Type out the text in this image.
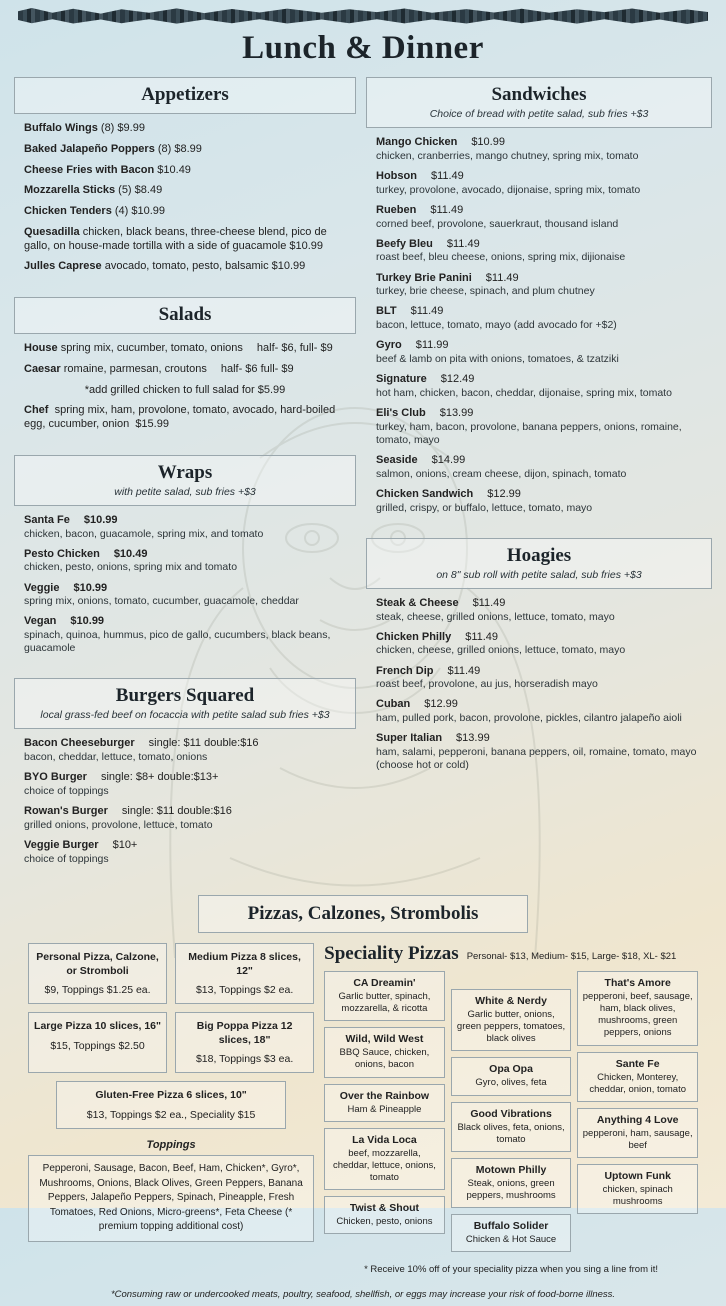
Lunch & Dinner
Appetizers
Buffalo Wings (8) $9.99
Baked Jalapeño Poppers (8) $8.99
Cheese Fries with Bacon $10.49
Mozzarella Sticks (5) $8.49
Chicken Tenders (4) $10.99
Quesadilla chicken, black beans, three-cheese blend, pico de gallo, on house-made tortilla with a side of guacamole $10.99
Julles Caprese avocado, tomato, pesto, balsamic $10.99
Salads
House spring mix, cucumber, tomato, onions half- $6, full- $9
Caesar romaine, parmesan, croutons half- $6 full- $9
*add grilled chicken to full salad for $5.99
Chef spring mix, ham, provolone, tomato, avocado, hard-boiled egg, cucumber, onion $15.99
Wraps
with petite salad, sub fries +$3
Santa Fe $10.99
chicken, bacon, guacamole, spring mix, and tomato
Pesto Chicken $10.49
chicken, pesto, onions, spring mix and tomato
Veggie $10.99
spring mix, onions, tomato, cucumber, guacamole, cheddar
Vegan $10.99
spinach, quinoa, hummus, pico de gallo, cucumbers, black beans, guacamole
Burgers Squared
local grass-fed beef on focaccia with petite salad sub fries +$3
Bacon Cheeseburger single: $11 double:$16
bacon, cheddar, lettuce, tomato, onions
BYO Burger single: $8+ double:$13+
choice of toppings
Rowan's Burger single: $11 double:$16
grilled onions, provolone, lettuce, tomato
Veggie Burger $10+
choice of toppings
Sandwiches
Choice of bread with petite salad, sub fries +$3
Mango Chicken $10.99
chicken, cranberries, mango chutney, spring mix, tomato
Hobson $11.49
turkey, provolone, avocado, dijonaise, spring mix, tomato
Rueben $11.49
corned beef, provolone, sauerkraut, thousand island
Beefy Bleu $11.49
roast beef, bleu cheese, onions, spring mix, dijionaise
Turkey Brie Panini $11.49
turkey, brie cheese, spinach, and plum chutney
BLT $11.49
bacon, lettuce, tomato, mayo (add avocado for +$2)
Gyro $11.99
beef & lamb on pita with onions, tomatoes, & tzatziki
Signature $12.49
hot ham, chicken, bacon, cheddar, dijonaise, spring mix, tomato
Eli's Club $13.99
turkey, ham, bacon, provolone, banana peppers, onions, romaine, tomato, mayo
Seaside $14.99
salmon, onions, cream cheese, dijon, spinach, tomato
Chicken Sandwich $12.99
grilled, crispy, or buffalo, lettuce, tomato, mayo
Hoagies
on 8" sub roll with petite salad, sub fries +$3
Steak & Cheese $11.49
steak, cheese, grilled onions, lettuce, tomato, mayo
Chicken Philly $11.49
chicken, cheese, grilled onions, lettuce, tomato, mayo
French Dip $11.49
roast beef, provolone, au jus, horseradish mayo
Cuban $12.99
ham, pulled pork, bacon, provolone, pickles, cilantro jalapeño aioli
Super Italian $13.99
ham, salami, pepperoni, banana peppers, oil, romaine, tomato, mayo (choose hot or cold)
Pizzas, Calzones, Strombolis
Personal Pizza, Calzone, or Stromboli
$9, Toppings $1.25 ea.
Medium Pizza 8 slices, 12"
$13, Toppings $2 ea.
Large Pizza 10 slices, 16"
$15, Toppings $2.50
Big Poppa Pizza 12 slices, 18"
$18, Toppings $3 ea.
Gluten-Free Pizza 6 slices, 10"
$13, Toppings $2 ea., Speciality $15
Toppings
Pepperoni, Sausage, Bacon, Beef, Ham, Chicken*, Gyro*, Mushrooms, Onions, Black Olives, Green Peppers, Banana Peppers, Jalapeño Peppers, Spinach, Pineapple, Fresh Tomatoes, Red Onions, Micro-greens*, Feta Cheese (* premium topping additional cost)
Speciality Pizzas Personal- $13, Medium- $15, Large- $18, XL- $21
CA Dreamin'
Garlic butter, spinach, mozzarella, & ricotta
Wild, Wild West
BBQ Sauce, chicken, onions, bacon
Over the Rainbow
Ham & Pineapple
La Vida Loca
beef, mozzarella, cheddar, lettuce, onions, tomato
Twist & Shout
Chicken, pesto, onions
White & Nerdy
Garlic butter, onions, green peppers, tomatoes, black olives
Opa Opa
Gyro, olives, feta
Good Vibrations
Black olives, feta, onions, tomato
Motown Philly
Steak, onions, green peppers, mushrooms
Buffalo Solider
Chicken & Hot Sauce
That's Amore
pepperoni, beef, sausage, ham, black olives, mushrooms, green peppers, onions
Sante Fe
Chicken, Monterey, cheddar, onion, tomato
Anything 4 Love
pepperoni, ham, sausage, beef
Uptown Funk
chicken, spinach mushrooms
* Receive 10% off of your speciality pizza when you sing a line from it!
*Consuming raw or undercooked meats, poultry, seafood, shellfish, or eggs may increase your risk of food-borne illness.
